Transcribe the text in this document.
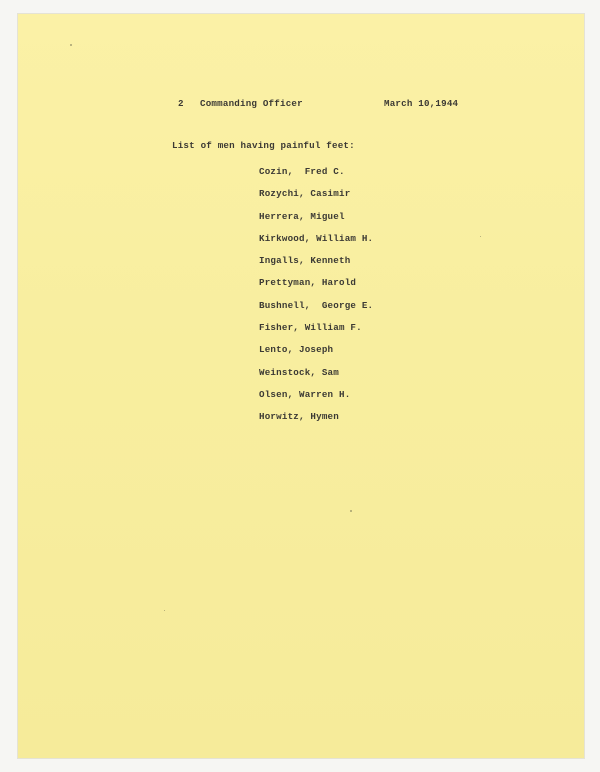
2 Commanding Officer	March 10,1944
List of men having painful feet:
Cozin,  Fred C.
Rozychi, Casimir
Herrera, Miguel
Kirkwood, William H.
Ingalls, Kenneth
Prettyman, Harold
Bushnell,  George E.
Fisher, William F.
Lento, Joseph
Weinstock, Sam
Olsen, Warren H.
Horwitz, Hymen
